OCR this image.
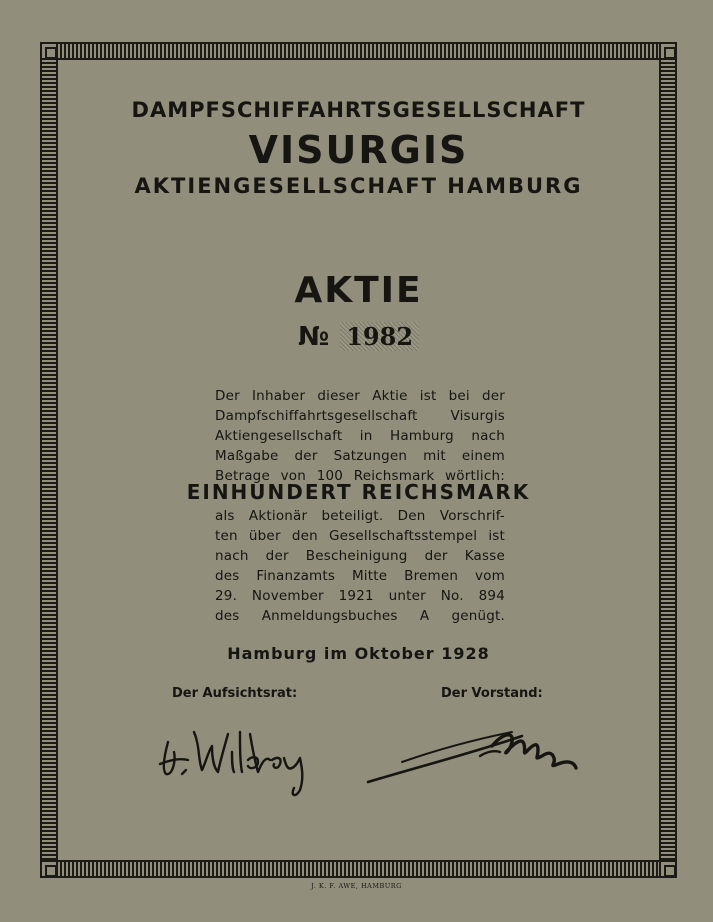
DAMPFSCHIFFAHRTSGESELLSCHAFT
VISURGIS
AKTIENGESELLSCHAFT HAMBURG
AKTIE
№ 1982
Der Inhaber dieser Aktie ist bei der
Dampfschiffahrtsgesellschaft Visurgis
Aktiengesellschaft in Hamburg nach
Maßgabe der Satzungen mit einem
Betrage von 100 Reichsmark wörtlich:
EINHUNDERT REICHSMARK
als Aktionär beteiligt. Den Vorschrif-
ten über den Gesellschaftsstempel ist
nach der Bescheinigung der Kasse
des Finanzamts Mitte Bremen vom
29. November 1921 unter No. 894
des Anmeldungsbuches A genügt.
Hamburg im Oktober 1928
Der Aufsichtsrat:	Der Vorstand:
J. K. F. AWE, HAMBURG
